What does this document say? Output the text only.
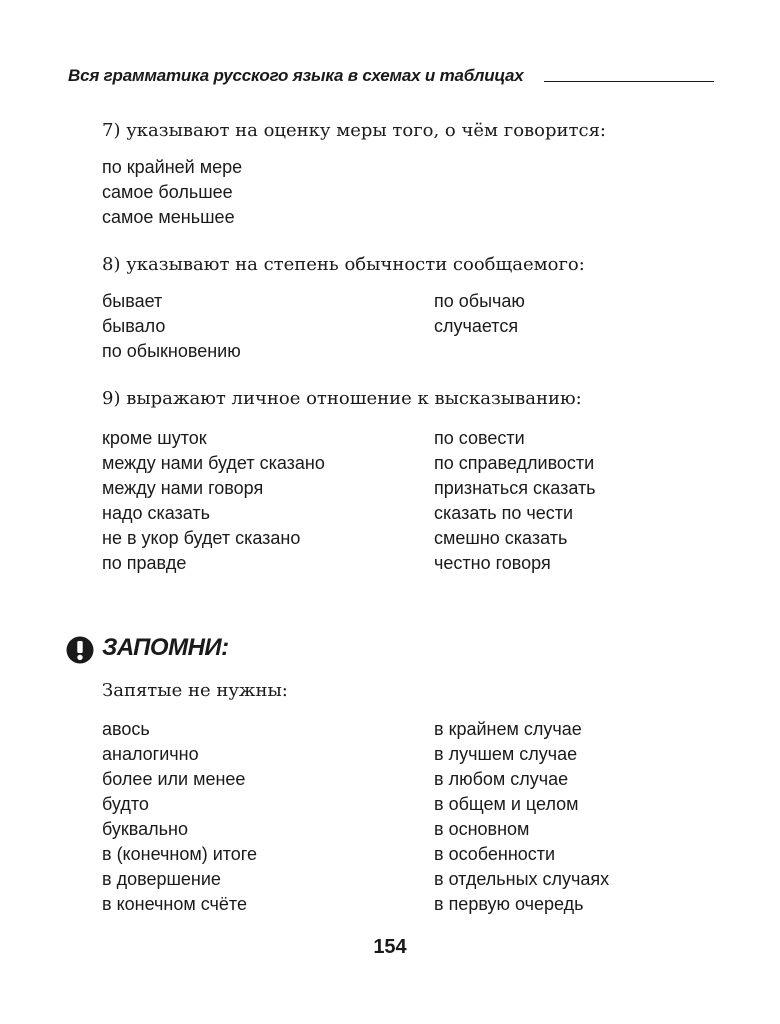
Вся грамматика русского языка в схемах и таблицах
7) указывают на оценку меры того, о чём говорится:
по крайней мере
самое большее
самое меньшее
8) указывают на степень обычности сообщаемого:
бывает
бывало
по обыкновению
по обычаю
случается
9) выражают личное отношение к высказыванию:
кроме шуток
между нами будет сказано
между нами говоря
надо сказать
не в укор будет сказано
по правде
по совести
по справедливости
признаться сказать
сказать по чести
смешно сказать
честно говоря
ЗАПОМНИ:
Запятые не нужны:
авось
аналогично
более или менее
будто
буквально
в (конечном) итоге
в довершение
в конечном счёте
в крайнем случае
в лучшем случае
в любом случае
в общем и целом
в основном
в особенности
в отдельных случаях
в первую очередь
154
